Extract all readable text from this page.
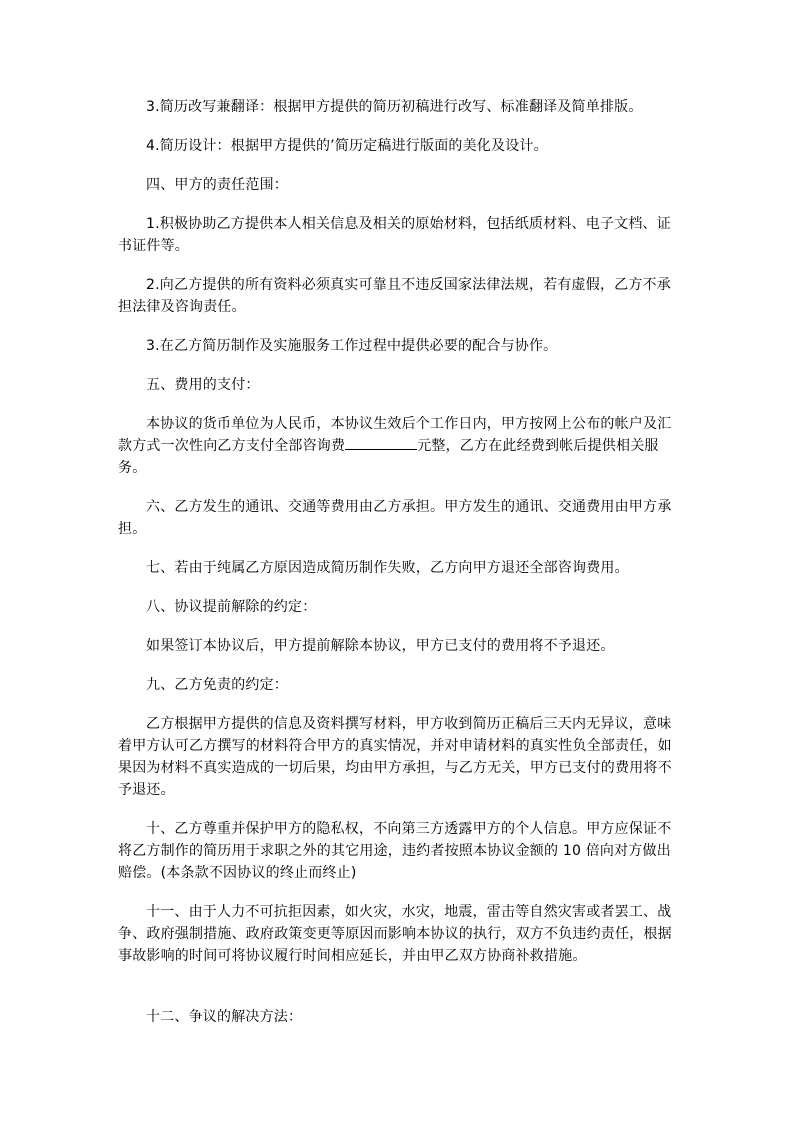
3.简历改写兼翻译：根据甲方提供的简历初稿进行改写、标准翻译及简单排版。

4.简历设计：根据甲方提供的’简历定稿进行版面的美化及设计。

四、甲方的责任范围：

1.积极协助乙方提供本人相关信息及相关的原始材料，包括纸质材料、电子文档、证书证件等。

2.向乙方提供的所有资料必须真实可靠且不违反国家法律法规，若有虚假，乙方不承担法律及咨询责任。

3.在乙方简历制作及实施服务工作过程中提供必要的配合与协作。

五、费用的支付：

本协议的货币单位为人民币，本协议生效后个工作日内，甲方按网上公布的帐户及汇款方式一次性向乙方支付全部咨询费	元整，乙方在此经费到帐后提供相关服务。

六、乙方发生的通讯、交通等费用由乙方承担。甲方发生的通讯、交通费用由甲方承担。

七、若由于纯属乙方原因造成简历制作失败，乙方向甲方退还全部咨询费用。

八、协议提前解除的约定：

如果签订本协议后，甲方提前解除本协议，甲方已支付的费用将不予退还。

九、乙方免责的约定：

乙方根据甲方提供的信息及资料撰写材料，甲方收到简历正稿后三天内无异议，意味着甲方认可乙方撰写的材料符合甲方的真实情况，并对申请材料的真实性负全部责任，如果因为材料不真实造成的一切后果，均由甲方承担，与乙方无关，甲方已支付的费用将不予退还。

十、乙方尊重并保护甲方的隐私权，不向第三方透露甲方的个人信息。甲方应保证不将乙方制作的简历用于求职之外的其它用途，违约者按照本协议金额的 10 倍向对方做出赔偿。(本条款不因协议的终止而终止)

十一、由于人力不可抗拒因素，如火灾，水灾，地震，雷击等自然灾害或者罢工、战争、政府强制措施、政府政策变更等原因而影响本协议的执行，双方不负违约责任，根据事故影响的时间可将协议履行时间相应延长，并由甲乙双方协商补救措施。

十二、争议的解决方法：
